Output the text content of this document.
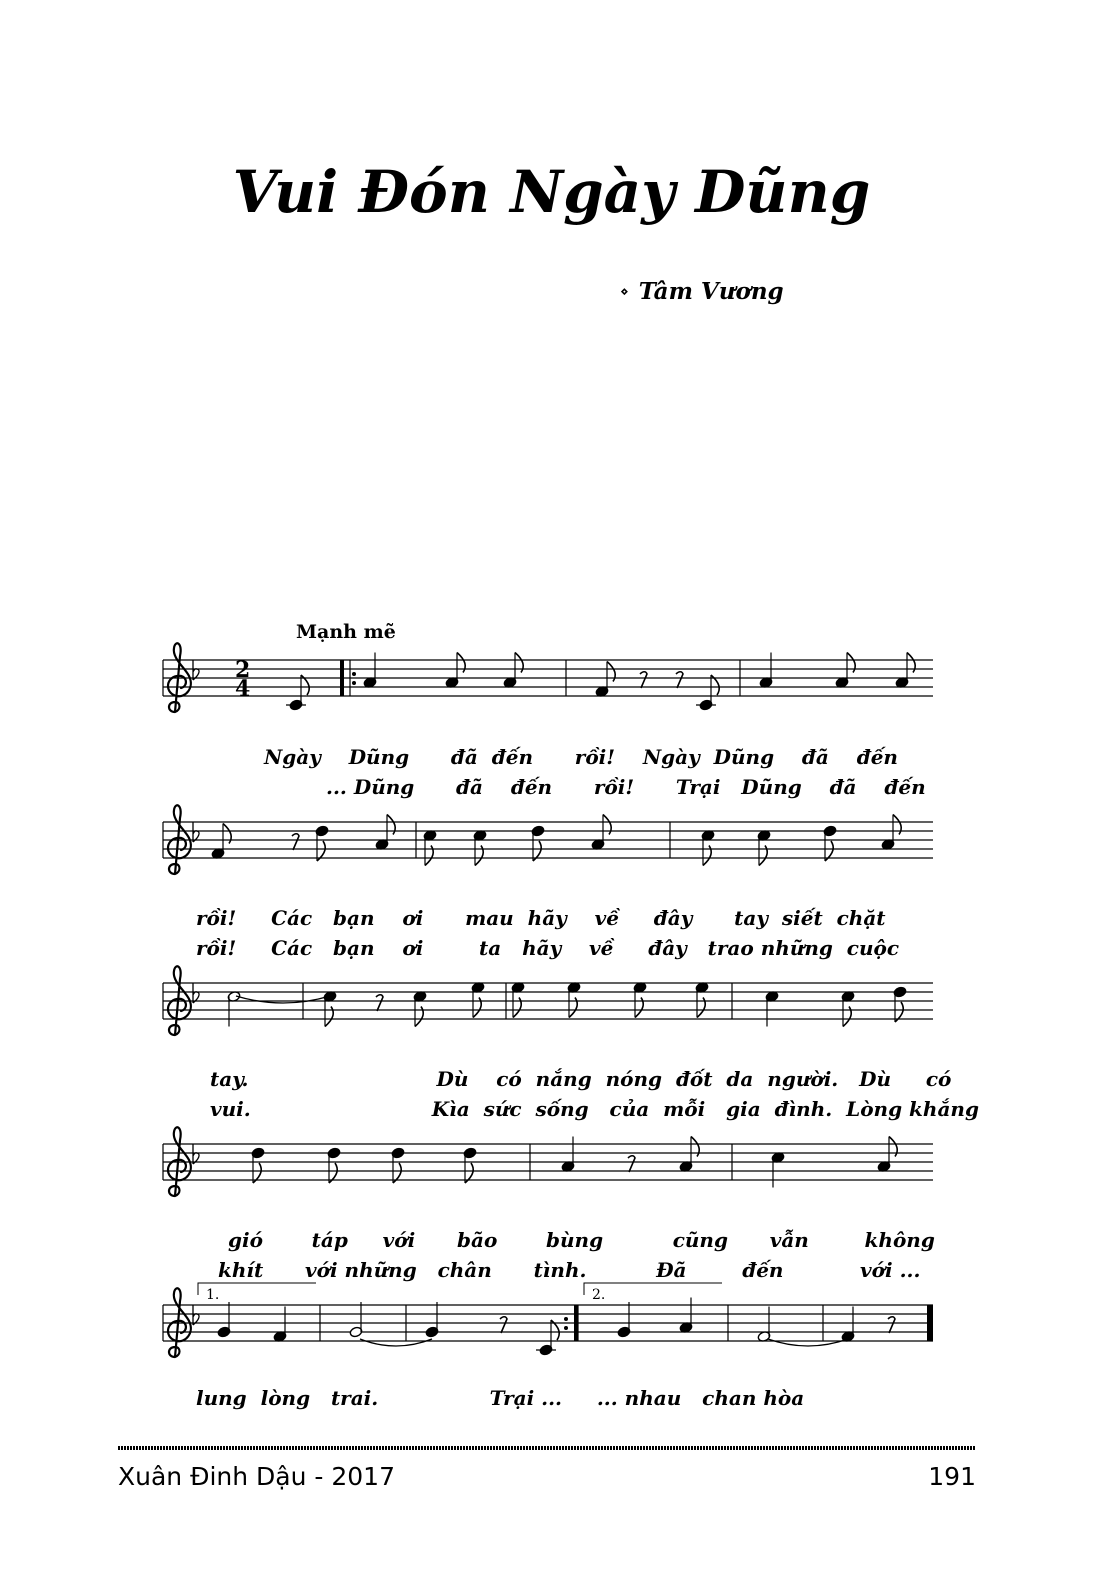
Vui Đón Ngày Dũng
⋄ Tâm Vương
Mạnh mẽ
2
4
1.	2.
Ngày    Dũng      đã  đến      rồi!    Ngày  Dũng    đã    đến
... Dũng      đã    đến      rồi!      Trại   Dũng    đã    đến
rồi!     Các   bạn    ơi      mau  hãy    về     đây      tay  siết  chặt
rồi!     Các   bạn    ơi        ta   hãy    về     đây   trao những  cuộc
tay.                           Dù    có  nắng  nóng  đốt  da  người.   Dù     có
vui.                          Kìa  sức  sống   của  mỗi   gia  đình.  Lòng khắng
gió       táp     với      bão       bùng          cũng      vẫn        không
khít      với những   chân      tình.          Đã        đến           với ...
lung  lòng   trai.                Trại ...     ... nhau   chan hòa
Xuân Đinh Dậu - 2017	191
